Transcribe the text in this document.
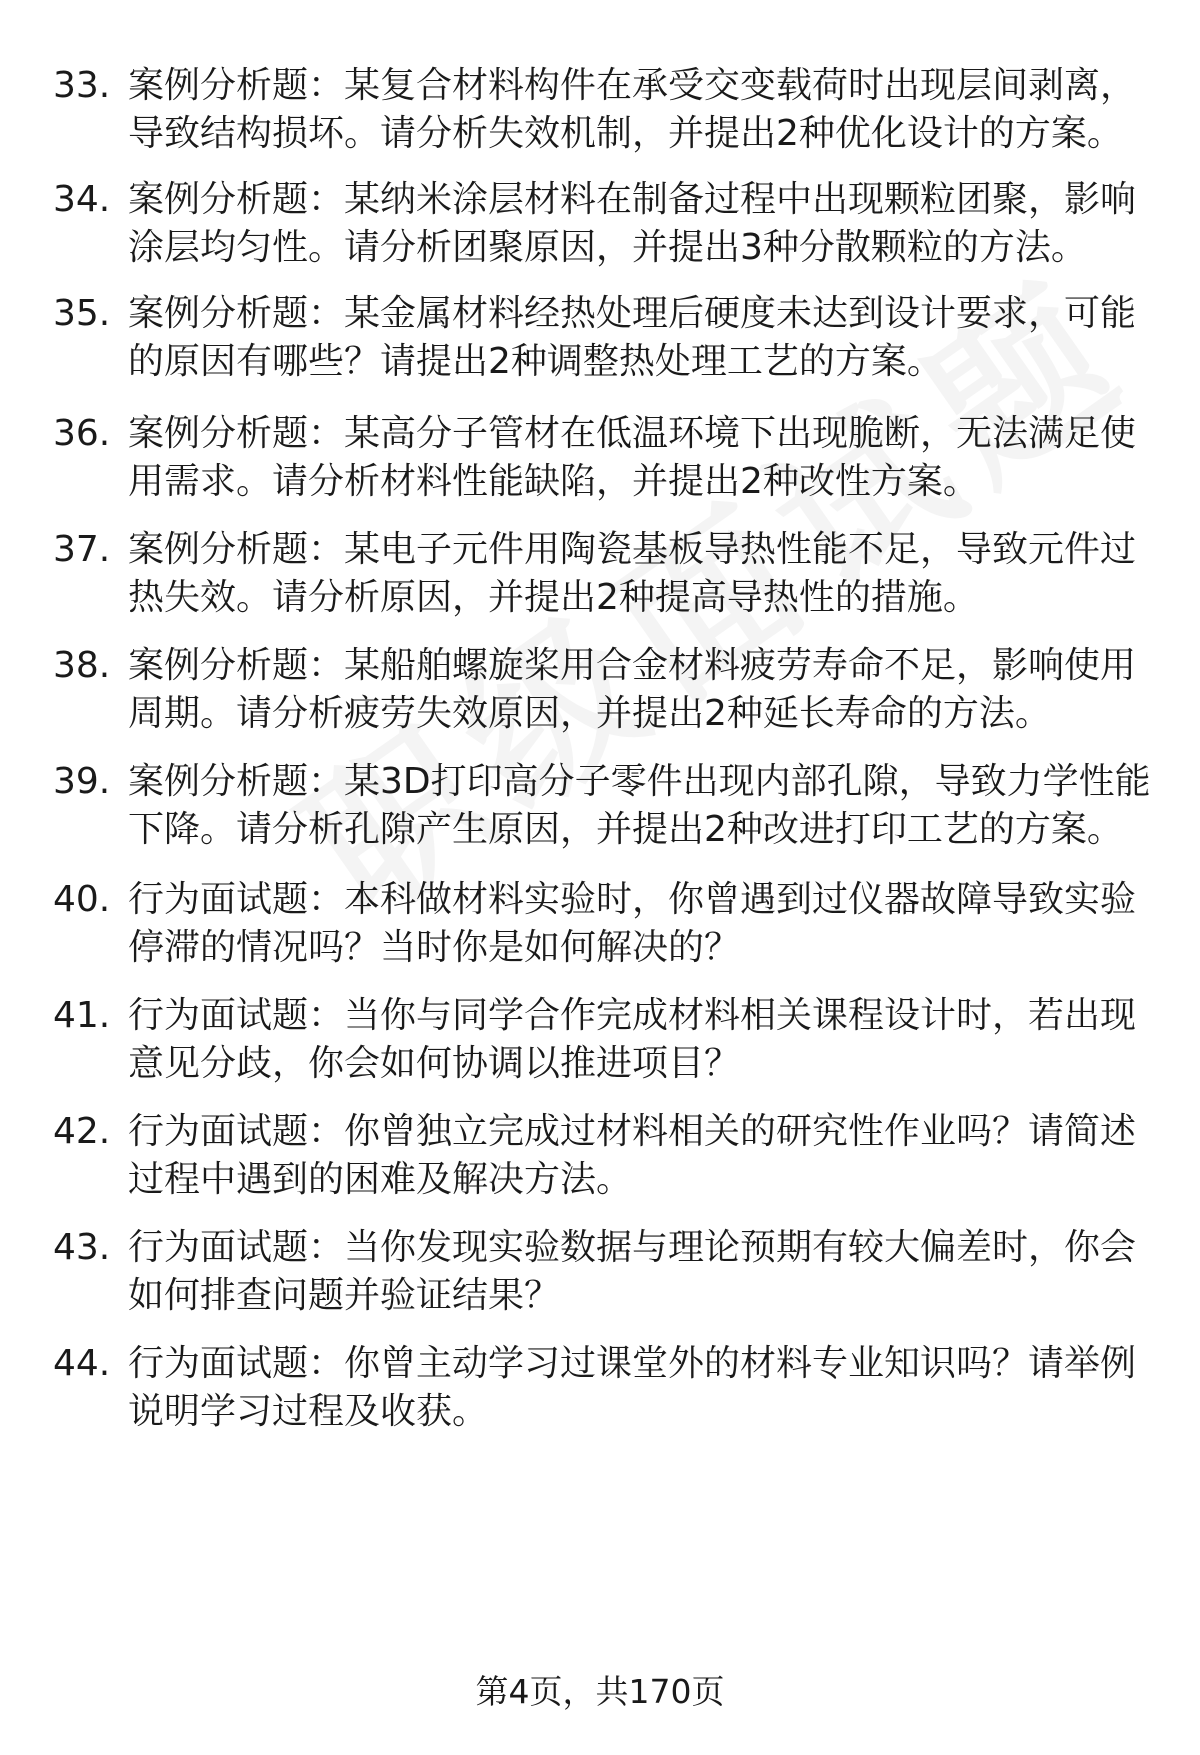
33. 案例分析题：某复合材料构件在承受交变载荷时出现层间剥离，
导致结构损坏。请分析失效机制，并提出2种优化设计的方案。
34. 案例分析题：某纳米涂层材料在制备过程中出现颗粒团聚，影响
涂层均匀性。请分析团聚原因，并提出3种分散颗粒的方法。
35. 案例分析题：某金属材料经热处理后硬度未达到设计要求，可能
的原因有哪些？请提出2种调整热处理工艺的方案。
36. 案例分析题：某高分子管材在低温环境下出现脆断，无法满足使
用需求。请分析材料性能缺陷，并提出2种改性方案。
37. 案例分析题：某电子元件用陶瓷基板导热性能不足，导致元件过
热失效。请分析原因，并提出2种提高导热性的措施。
38. 案例分析题：某船舶螺旋桨用合金材料疲劳寿命不足，影响使用
周期。请分析疲劳失效原因，并提出2种延长寿命的方法。
39. 案例分析题：某3D打印高分子零件出现内部孔隙，导致力学性能
下降。请分析孔隙产生原因，并提出2种改进打印工艺的方案。
40. 行为面试题：本科做材料实验时，你曾遇到过仪器故障导致实验
停滞的情况吗？当时你是如何解决的？
41. 行为面试题：当你与同学合作完成材料相关课程设计时，若出现
意见分歧，你会如何协调以推进项目？
42. 行为面试题：你曾独立完成过材料相关的研究性作业吗？请简述
过程中遇到的困难及解决方法。
43. 行为面试题：当你发现实验数据与理论预期有较大偏差时，你会
如何排查问题并验证结果？
44. 行为面试题：你曾主动学习过课堂外的材料专业知识吗？请举例
说明学习过程及收获。
第4页，共170页
